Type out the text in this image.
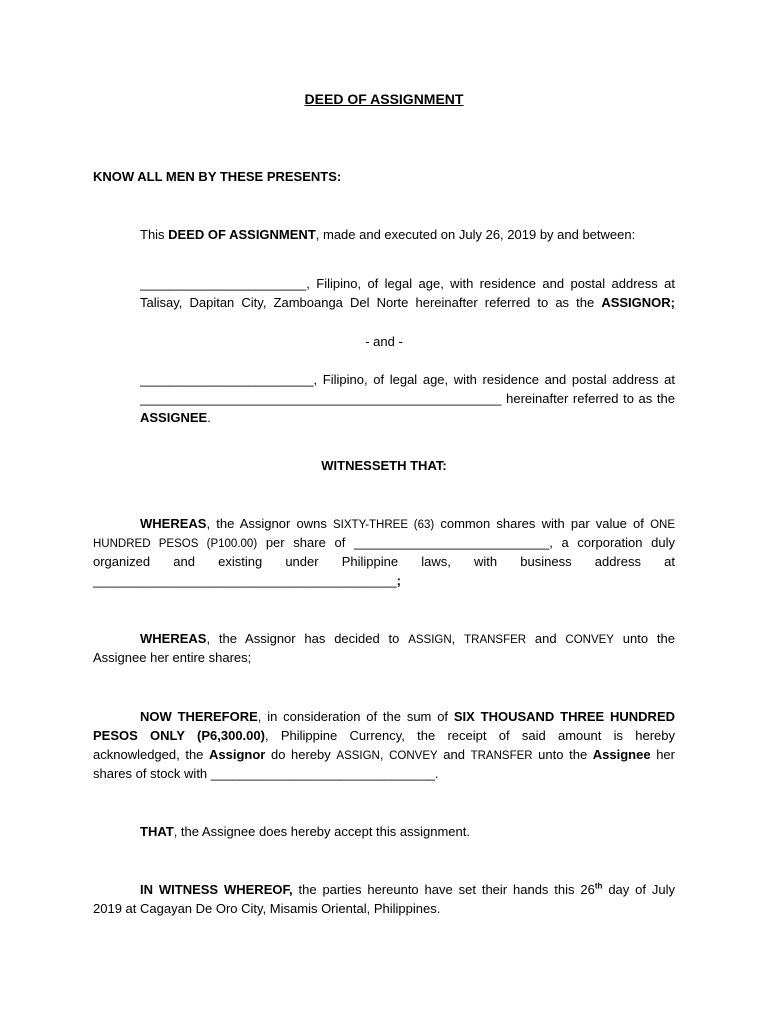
DEED OF ASSIGNMENT
KNOW ALL MEN BY THESE PRESENTS:
This DEED OF ASSIGNMENT, made and executed on July 26, 2019 by and between:
_______________________, Filipino, of legal age, with residence and postal address at
Talisay, Dapitan City, Zamboanga Del Norte hereinafter referred to as the ASSIGNOR;
- and -
________________________, Filipino, of legal age, with residence and postal address at
__________________________________________________ hereinafter referred to as the
ASSIGNEE.
WITNESSETH THAT:
WHEREAS, the Assignor owns SIXTY-THREE (63) common shares with par value of ONE
HUNDRED PESOS (P100.00) per share of ___________________________, a corporation duly
organized and existing under Philippine laws, with business address at
__________________________________________;
WHEREAS, the Assignor has decided to ASSIGN, TRANSFER and CONVEY unto the
Assignee her entire shares;
NOW THEREFORE, in consideration of the sum of SIX THOUSAND THREE HUNDRED
PESOS ONLY (P6,300.00), Philippine Currency, the receipt of said amount is hereby
acknowledged, the Assignor do hereby ASSIGN, CONVEY and TRANSFER unto the Assignee her
shares of stock with _______________________________.
THAT, the Assignee does hereby accept this assignment.
IN WITNESS WHEREOF, the parties hereunto have set their hands this 26th day of July
2019 at Cagayan De Oro City, Misamis Oriental, Philippines.
